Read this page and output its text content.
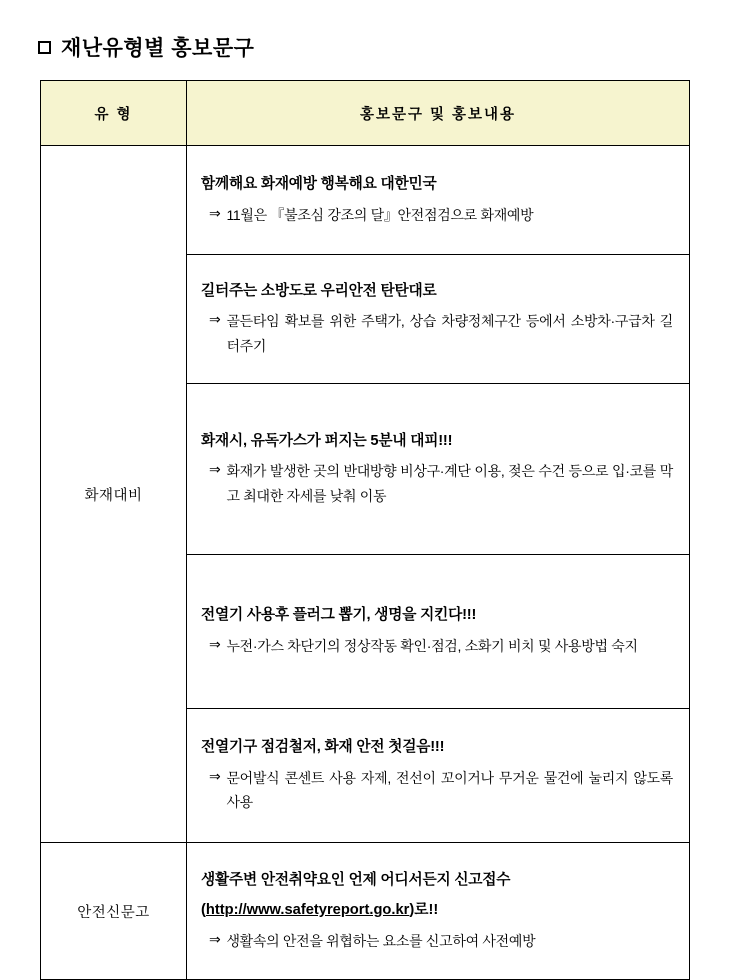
재난유형별 홍보문구
유 형	홍보문구 및 홍보내용
화재대비	함께해요 화재예방 행복해요 대한민국
⇒ 11월은 『불조심 강조의 달』안전점검으로 화재예방

	길터주는 소방도로 우리안전 탄탄대로
⇒ 골든타임 확보를 위한 주택가, 상습 차량정체구간 등에서 소방차·구급차 길 터주기

	화재시, 유독가스가 퍼지는 5분내 대피!!!
⇒ 화재가 발생한 곳의 반대방향 비상구·계단 이용, 젖은 수건 등으로 입·코를 막고 최대한 자세를 낮춰 이동

	전열기 사용후 플러그 뽑기, 생명을 지킨다!!!
⇒ 누전·가스 차단기의 정상작동 확인·점검, 소화기 비치 및 사용방법 숙지

	전열기구 점검철저, 화재 안전 첫걸음!!!
⇒ 문어발식 콘센트 사용 자제, 전선이 꼬이거나 무거운 물건에 눌리지 않도록 사용

안전신문고	생활주변 안전취약요인 언제 어디서든지 신고접수
(http://www.safetyreport.go.kr)로!!
⇒ 생활속의 안전을 위협하는 요소를 신고하여 사전예방
